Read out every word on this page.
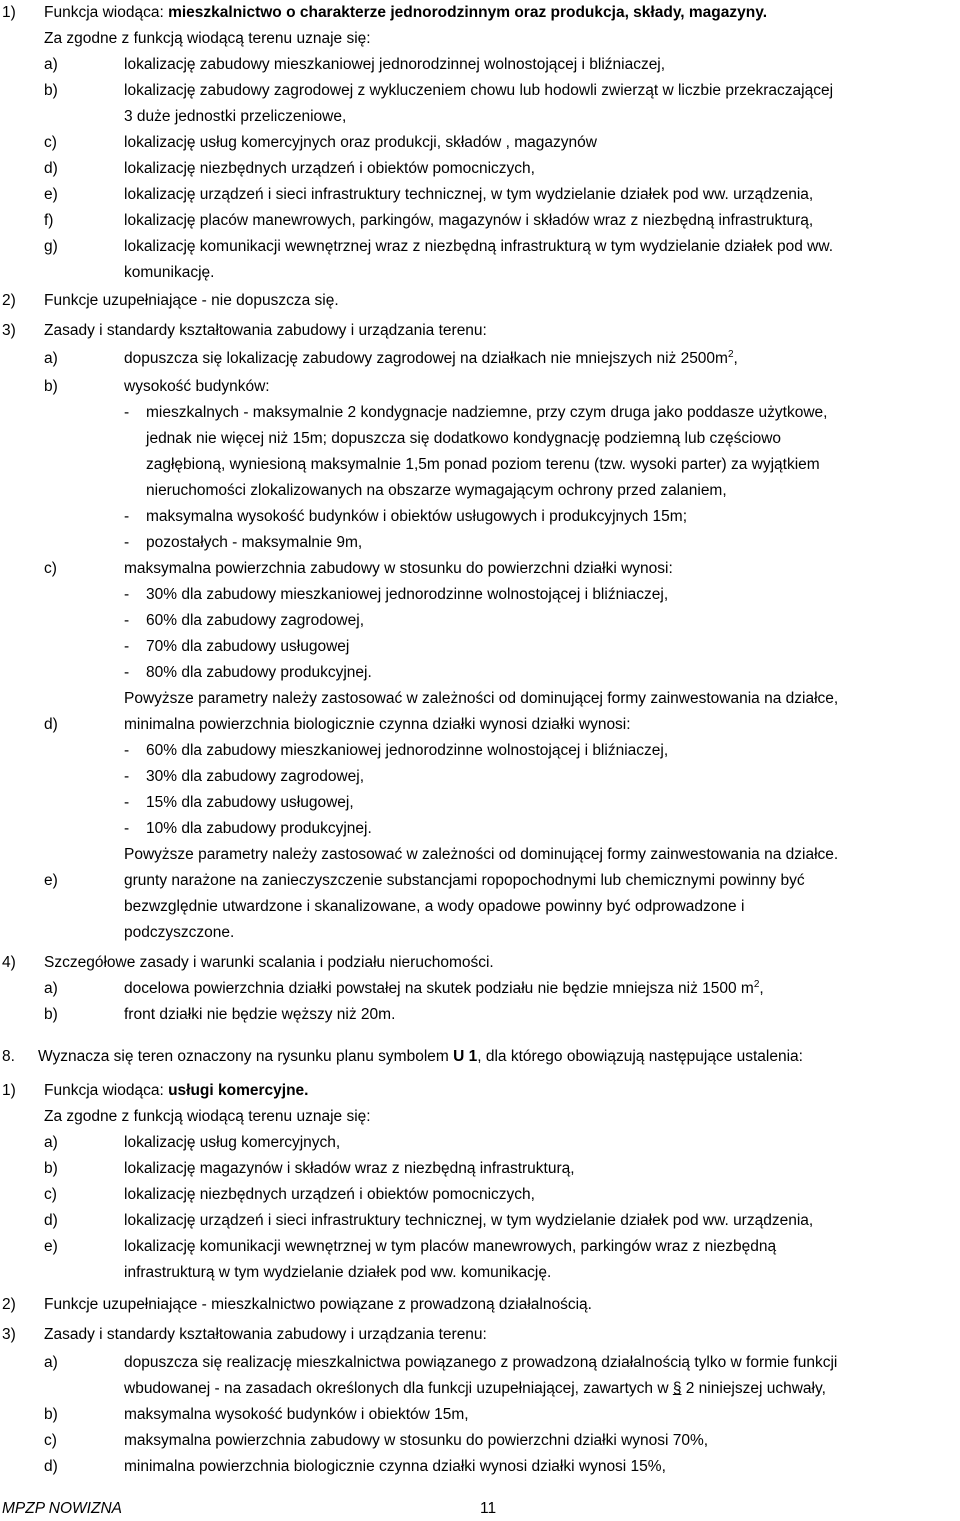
1) Funkcja wiodąca: mieszkalnictwo o charakterze jednorodzinnym oraz produkcja, składy, magazyny.
Za zgodne z funkcją wiodącą terenu uznaje się:
a)	lokalizację zabudowy mieszkaniowej jednorodzinnej wolnostojącej i bliźniaczej,
b)	lokalizację zabudowy zagrodowej z wykluczeniem chowu lub hodowli zwierząt w liczbie przekraczającej
3 duże jednostki przeliczeniowe,
c)	lokalizację usług komercyjnych oraz produkcji, składów , magazynów
d)	lokalizację niezbędnych urządzeń i obiektów pomocniczych,
e)	lokalizację urządzeń i sieci infrastruktury technicznej, w tym wydzielanie działek pod ww. urządzenia,
f)	lokalizację placów manewrowych, parkingów, magazynów i składów wraz z niezbędną infrastrukturą,
g)	lokalizację komunikacji wewnętrznej wraz z niezbędną infrastrukturą w tym wydzielanie działek pod ww.
komunikację.
2) Funkcje uzupełniające - nie dopuszcza się.
3) Zasady i standardy kształtowania zabudowy i urządzania terenu:
a)	dopuszcza się lokalizację zabudowy zagrodowej na działkach nie mniejszych niż $2500m^2$,
b)	wysokość budynków:
- mieszkalnych - maksymalnie 2 kondygnacje nadziemne, przy czym druga jako poddasze użytkowe,
jednak nie więcej niż 15m; dopuszcza się dodatkowo kondygnację podziemną lub częściowo
zagłębioną, wyniesioną maksymalnie 1,5m ponad poziom terenu (tzw. wysoki parter) za wyjątkiem
nieruchomości zlokalizowanych na obszarze wymagającym ochrony przed zalaniem,
- maksymalna wysokość budynków i obiektów usługowych i produkcyjnych 15m;
- pozostałych - maksymalnie 9m,
c)	maksymalna powierzchnia zabudowy w stosunku do powierzchni działki wynosi:
- 30% dla zabudowy mieszkaniowej jednorodzinne wolnostojącej i bliźniaczej,
- 60% dla zabudowy zagrodowej,
- 70% dla zabudowy usługowej
- 80% dla zabudowy produkcyjnej.
Powyższe parametry należy zastosować w zależności od dominującej formy zainwestowania na działce,
d)	minimalna powierzchnia biologicznie czynna działki wynosi działki wynosi:
- 60% dla zabudowy mieszkaniowej jednorodzinne wolnostojącej i bliźniaczej,
- 30% dla zabudowy zagrodowej,
- 15% dla zabudowy usługowej,
- 10% dla zabudowy produkcyjnej.
Powyższe parametry należy zastosować w zależności od dominującej formy zainwestowania na działce.
e)	grunty narażone na zanieczyszczenie substancjami ropopochodnymi lub chemicznymi powinny być
bezwzględnie utwardzone i skanalizowane, a wody opadowe powinny być odprowadzone i
podczyszczone.
4) Szczegółowe zasady i warunki scalania i podziału nieruchomości.
a)	docelowa powierzchnia działki powstałej na skutek podziału nie będzie mniejsza niż 1500 $m^2$,
b)	front działki nie będzie węższy niż 20m.
8. Wyznacza się teren oznaczony na rysunku planu symbolem U 1, dla którego obowiązują następujące ustalenia:
1) Funkcja wiodąca: usługi komercyjne.
Za zgodne z funkcją wiodącą terenu uznaje się:
a)	lokalizację usług komercyjnych,
b)	lokalizację magazynów i składów wraz z niezbędną infrastrukturą,
c)	lokalizację niezbędnych urządzeń i obiektów pomocniczych,
d)	lokalizację urządzeń i sieci infrastruktury technicznej, w tym wydzielanie działek pod ww. urządzenia,
e)	lokalizację komunikacji wewnętrznej w tym placów manewrowych, parkingów wraz z niezbędną
infrastrukturą w tym wydzielanie działek pod ww. komunikację.
2) Funkcje uzupełniające - mieszkalnictwo powiązane z prowadzoną działalnością.
3) Zasady i standardy kształtowania zabudowy i urządzania terenu:
a)	dopuszcza się realizację mieszkalnictwa powiązanego z prowadzoną działalnością tylko w formie funkcji
wbudowanej - na zasadach określonych dla funkcji uzupełniającej, zawartych w § 2 niniejszej uchwały,
b)	maksymalna wysokość budynków i obiektów 15m,
c)	maksymalna powierzchnia zabudowy w stosunku do powierzchni działki wynosi 70%,
d)	minimalna powierzchnia biologicznie czynna działki wynosi działki wynosi 15%,
MPZP NOWIZNA	11
